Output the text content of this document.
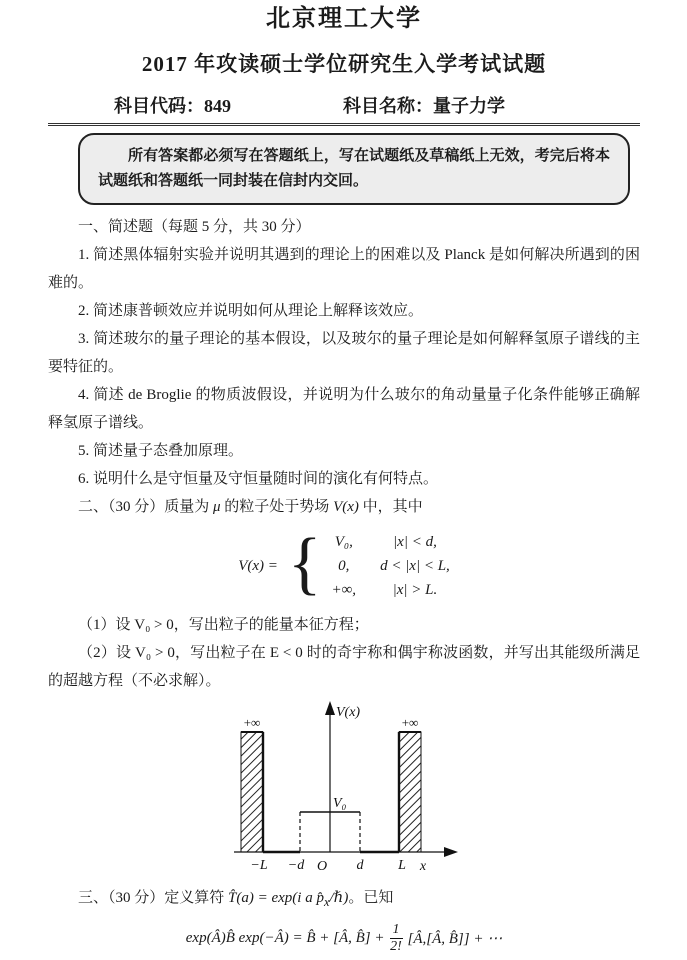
北京理工大学
2017 年攻读硕士学位研究生入学考试试题
科目代码：849	科目名称：量子力学
所有答案都必须写在答题纸上，写在试题纸及草稿纸上无效，考完后将本试题纸和答题纸一同封装在信封内交回。

一、简述题（每题 5 分，共 30 分）

1. 简述黑体辐射实验并说明其遇到的理论上的困难以及 Planck 是如何解决所遇到的困难的。

2. 简述康普顿效应并说明如何从理论上解释该效应。

3. 简述玻尔的量子理论的基本假设，以及玻尔的量子理论是如何解释氢原子谱线的主要特征的。

4. 简述 de Broglie 的物质波假设，并说明为什么玻尔的角动量量子化条件能够正确解释氢原子谱线。

5. 简述量子态叠加原理。

6. 说明什么是守恒量及守恒量随时间的演化有何特点。

二、（30 分）质量为 μ 的粒子处于势场 V(x) 中，其中

V(x) = { V₀,	|x| < d,
0,	d < |x| < L,
+∞,	|x| > L.

（1）设 V₀ > 0，写出粒子的能量本征方程；

（2）设 V₀ > 0，写出粒子在 E < 0 时的奇宇称和偶宇称波函数，并写出其能级所满足的超越方程（不必求解）。

+∞	+∞
V(x)
V₀
−L −d O d L x

三、（30 分）定义算符 T̂(a) = exp(i a $p̂_x/\hbar$)。已知

exp(Â)B̂ exp(−Â) = B̂ + [Â, B̂] + $\frac{1}{2!}$ [Â,[Â, B̂]] + ⋯
